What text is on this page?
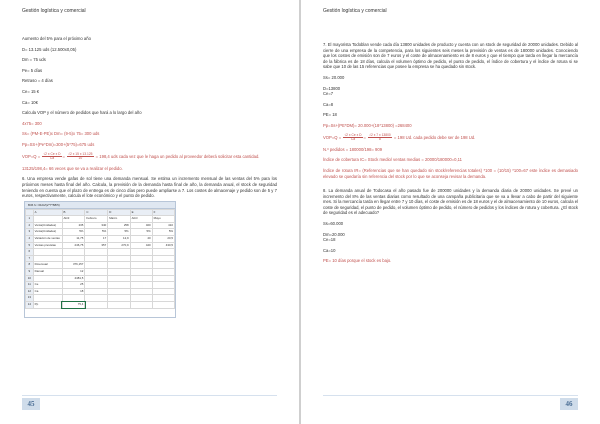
Gestión logística y comercial

Aumento del 5% para el próximo año

D= 13.125 uds (12.500x0,05)

Dm = 75 uds

Pe= 5 días

Retraso = 4 días

Ce= 15 €

Ca= 10€

Calcula VOP y el número de pedidos que hará a lo largo del año

4x75= 300

Ss= (PM-E-PE)x Dm= (9-5)x 75= 300 uds

Pp=SS+(Pe*Dm)=300+(5*75)=675 uds

$VOP=Q = \frac{\text{√2 x Ce x D}}{Ca} = \frac{√2 x 15 x 13.125}{10} = 198,4$ uds cada vez que le haga un pedido al proveedor deberá solicitar esta cantidad.

13125/198,4= 66 veces que se va a realizar el pedido.

6. Una empresa vende gafas de sol tiene una demanda mensual. Se estima un incremento mensual de las ventas del 5% para los próximos meses hasta final del año. Calcula, la previsión de la demanda hasta final de año, la demanda anual, el stock de seguridad teniendo en cuenta que el plazo de entrega es de cinco días pero puede ampliarse a 7. Los costes de almacenaje y pedido son de 5 y 7 euros, respectivamente, calcula el lote económico y el punto de pedido.

B36 fx =RAIZ(2*7*B8/5)
	A	B	C	D	E	F
1		Abril	Febrero	Marzo	Abril	Mayo
2	Venta(Unidades)	235	340	258	400	410
3	Venta(Unidades)	5%	5%	5%	5%	5%
4	Variación de ventas	11,75	17	12,9	20	20,5
5	Ventas previstas	246,75	357	270,9	420	430,5
6						
7						
8	Dmensual	376,157				
9	Danual	12				
10		4481,5				
11	Ce	25				
12	Ca	18				
13						
14	Pp	75,4				
45
Gestión logística y comercial

7. El mayorista Todoblan vende cada día 13800 unidades de producto y cuenta con un stock de seguridad de 20000 unidades. Debido al cierre de una empresa de la competencia, para los siguientes seis meses la previsión de ventas es de 180000 unidades. Conociendo que los costes de emisión son de 7 euros y el coste de almacenamiento es de 8 euros y que el tiempo que tarda en llegar la mercancía de la fábrica es de 18 días, calcula el volumen óptimo de pedido, el punto de pedido, el índice de cobertura y el índice de rotura si se sabe que 10 de las 15 referencias que posee la empresa se ha quedado sin stock.

Ss= 20.000

D=13800

Ce=7

Ca=8

PE= 18

Pp=Ss+(PE*DM)= 20.000+(18*13800) =268400

$VOP=Q = \frac{\text{√2 x Ce x D}}{Ca} = \frac{√2 x 7 x 13800}{8} = 198$ Ud. cada pedido debe ser de 198 Ud.

N.º pedidos = 180000/198= 909

Índice de cobertura IC= Stock medio/ ventas medias = 20000/180000=0,11

Índice de rotura IR= (Referencias que se han quedado sin stock/referencias totales) *100 = (10/15) *100=67 este índice es demasiado elevado se quedaría sin referencia del stock por lo que se aconseja revisar la demanda.

8. La demanda anual de Todocasa el año pasado fue de 200000 unidades y la demanda diaria de 20000 unidades. Se prevé un incremento del 8% de las ventas diarias como resultado de una campaña publicitaria que se va a llevar a cabo de partir del siguiente mes. Si la mercancía tarda en llegar entre 7 y 10 días, el coste de emisión es de 18 euros y el de almacenamiento de 10 euros, calcula el coste de seguridad, el punto de pedido, el volumen óptimo de pedido, el número de pedidos y los índices de rotura y cobertura. ¿El stock de seguridad es el adecuado?

Ss=60.000

Dm=20.000

Ce=18

Ca=10

PE= 10 días porque el stock es bajo.

46
